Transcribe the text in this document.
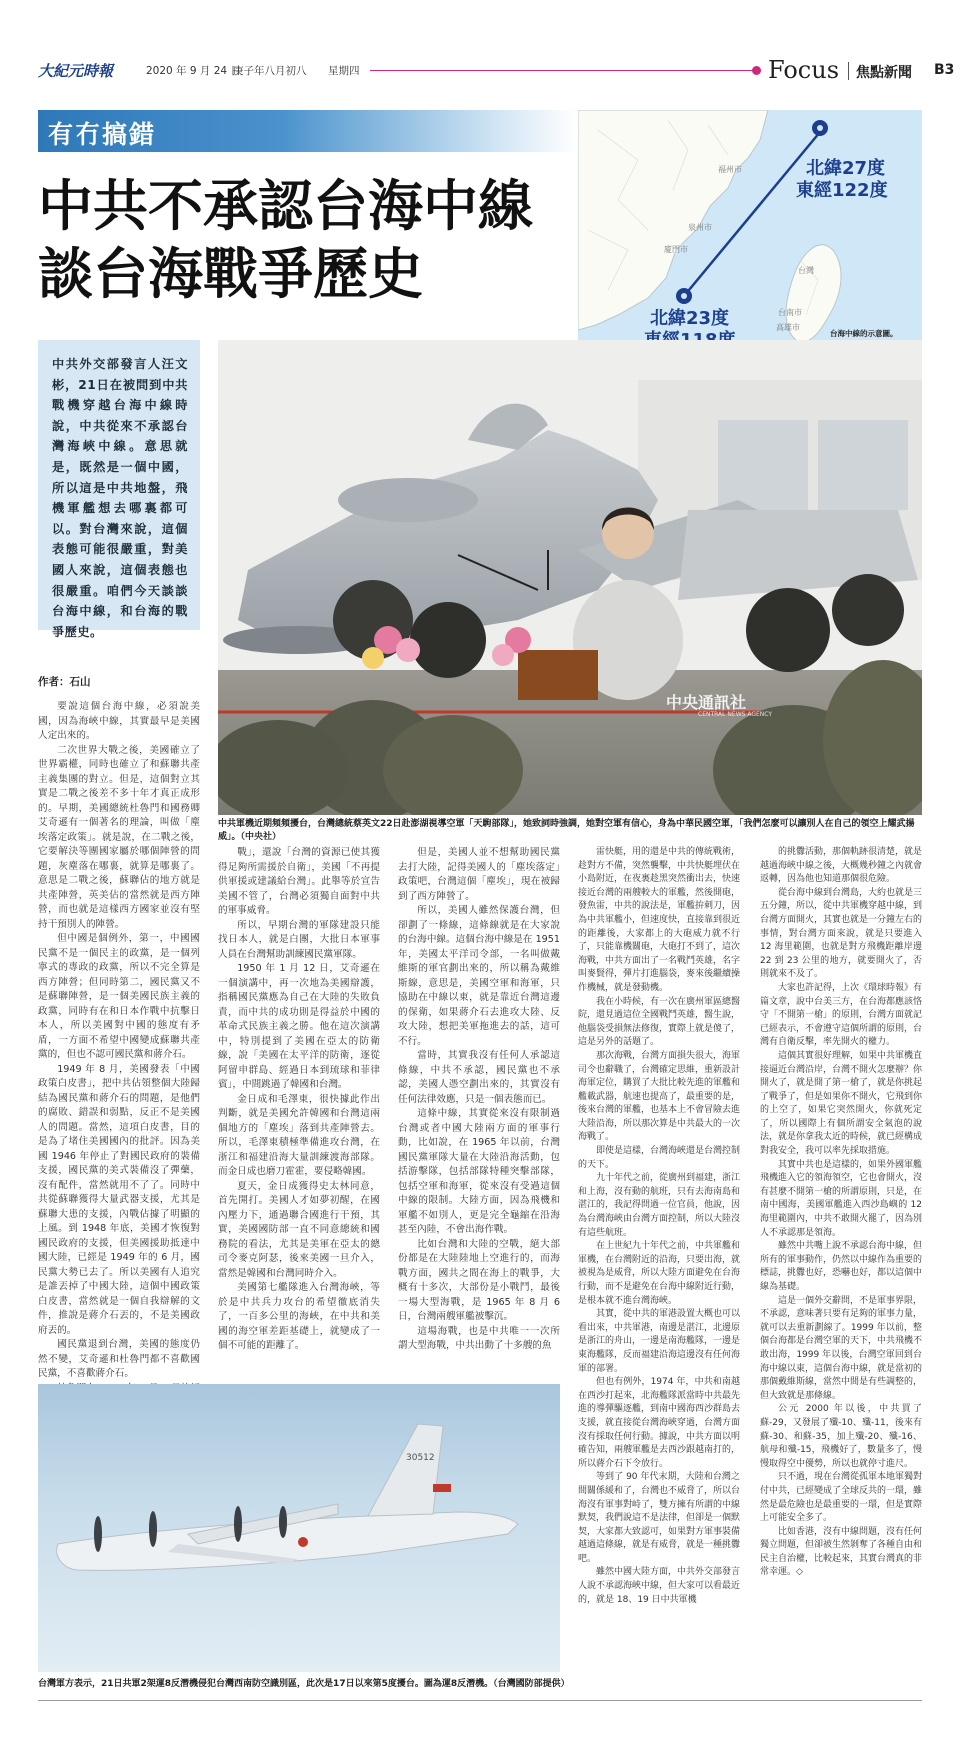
大紀元時報	2020 年 9 月 24 日
庚子年八月初八 星期四	Focus 焦點新聞 B3
有冇搞錯
中共不承認台海中線
談台海戰爭歷史
福州市
泉州市
廈門市
台灣
台南市
高雄市
北緯27度
東經122度
北緯23度
台海中線的示意圖。
中共外交部發言人汪文彬，21日在被問到中共戰機穿越台海中線時說，中共從來不承認台灣海峽中線。意思就是，既然是一個中國，所以這是中共地盤，飛機軍艦想去哪裏都可以。對台灣來說，這個表態可能很嚴重，對美國人來說，這個表態也很嚴重。咱們今天談談台海中線，和台海的戰爭歷史。
中央通訊社
CENTRAL NEWS AGENCY
中共軍機近期頻頻擾台，台灣總統蔡英文22日赴澎湖視導空軍「天駒部隊」，她致詞時強調，她對空軍有信心，身為中華民國空軍，「我們怎麼可以讓別人在自己的領空上耀武揚威」。（中央社）
作者：石山

要說這個台海中線，必須說美國，因為海峽中線，其實最早是美國人定出來的。

二次世界大戰之後，美國確立了世界霸權，同時也確立了和蘇聯共產主義集團的對立。但是，這個對立其實是二戰之後差不多十年才真正成形的。早期，美國總統杜魯門和國務卿艾奇遜有一個著名的理論，叫做「塵埃落定政策」。就是說，在二戰之後，它要解決等團國家屬於哪個陣營的問題，灰塵落在哪裏，就算是哪裏了。意思是二戰之後，蘇聯佔的地方就是共產陣營，英美佔的當然就是西方陣營，而也就是這樣西方國家並沒有堅持干預別人的陣營。

但中國是個例外，第一，中國國民黨不是一個民主的政黨，是一個列寧式的專政的政黨，所以不完全算是西方陣營；但同時第二，國民黨又不是蘇聯陣營，是一個美國民族主義的政黨，同時有在和日本作戰中抗擊日本人，所以美國對中國的態度有矛盾，一方面不希望中國變成蘇聯共產黨的，但也不認可國民黨和蔣介石。

1949 年 8 月，美國發表「中國政策白皮書」，把中共佔領整個大陸歸結為國民黨和蔣介石的問題，是他們的腐敗、錯誤和弱點，反正不是美國人的問題。當然，這項白皮書，目的是為了堵住美國國內的批評。因為美國 1946 年停止了對國民政府的裝備支援，國民黨的美式裝備沒了彈藥，沒有配件，當然就用不了了。同時中共從蘇聯獲得大量武器支援，尤其是蘇聯大患的支援，內戰佔據了明顯的上風。到 1948 年底，美國才恢復對國民政府的支援，但美國援助抵達中國大陸，已經是 1949 年的 6 月，國民黨大勢已去了。所以美國有人追究是誰丟掉了中國大陸，這個中國政策白皮書，當然就是一個自我辯解的文件，推說是蔣介石丟的，不是美國政府丟的。

國民黨退到台灣，美國的態度仍然不變，艾奇遜和杜魯門都不喜歡國民黨，不喜歡蔣介石。

戰」，還說「台灣的資源已使其獲得足夠所需援於自衛」，美國「不再提供軍援或建議給台灣」。此舉等於宣告美國不管了，台灣必須獨自面對中共的軍事威脅。

所以，早期台灣的軍隊建設只能找日本人，就是白團，大批日本軍事人員在台灣幫助訓練國民黨軍隊。

1950 年 1 月 12 日，艾奇遜在一個演講中，再一次地為美國辯護，指稱國民黨應為自己在大陸的失敗負責，而中共的成功則是得益於中國的革命式民族主義之勝。他在這次演講中，特別提到了美國在亞太的防衛線，說「美國在太平洋的防衛，逐從阿留申群島、經過日本到琉球和菲律賓」，中間跳過了韓國和台灣。

金日成和毛澤東，很快據此作出判斷，就是美國允許韓國和台灣這兩個地方的「塵埃」落到共產陣營去。所以，毛澤東積極準備進攻台灣，在浙江和福建沿海大量訓練渡海部隊。而金日成也磨刀霍霍，要侵略韓國。

夏天，金日成獲得史太林同意，首先開打。美國人才如夢初醒，在國內壓力下，通過聯合國進行干預，其實，美國國防部一直不同意總統和國務院的看法，尤其是美軍在亞太的總司令麥克阿瑟，後來美國一旦介入，當然是韓國和台灣同時介入。

美國第七艦隊進入台灣海峽，等於是中共兵力攻台的希望徹底消失了，一百多公里的海峽，在中共和美國的海空軍差距基礎上，就變成了一個不可能的距離了。

但是，美國人並不想幫助國民黨去打大陸，記得美國人的「塵埃落定」政策吧，台灣這個「塵埃」，現在被歸到了西方陣營了。

所以，美國人雖然保護台灣，但卻劃了一條線，這條線就是在大家說的台海中線。這個台海中線是在 1951 年，美國太平洋司令部，一名叫做戴維斯的軍官劃出來的，所以稱為戴維斯線，意思是，美國空軍和海軍，只協助在中線以東，就是靠近台灣這邊的保衛，如果蔣介石去進攻大陸、反攻大陸，想把美軍拖進去的話，這可不行。

當時，其實我沒有任何人承認這條線，中共不承認，國民黨也不承認，美國人憑空劃出來的，其實沒有任何法律效應，只是一個表態而已。

這條中線，其實從來沒有限制過台灣或者中國大陸兩方面的軍事行動，比如說，在 1965 年以前，台灣國民黨軍隊大量在大陸沿海活動，包括游擊隊，包括部隊特種突擊部隊，包括空軍和海軍，從來沒有受過這個中線的限制。大陸方面，因為飛機和軍艦不如別人，更是完全龜縮在沿海甚至內陸，不會出海作戰。

比如台灣和大陸的空戰，絕大部份都是在大陸陸地上空進行的，而海戰方面，國共之間在海上的戰爭，大概有十多次，大部份是小戰鬥，最後一場大型海戰，是 1965 年 8 月 6 日，台灣兩艘軍艦被擊沉。

這場海戰，也是中共唯一一次所謂大型海戰，中共出動了十多艘的魚

雷快艇，用的還是中共的傳統戰術，趁對方不備，突然襲擊，中共快艇埋伏在小島附近，在夜裏趁黑突然衝出去，快速接近台灣的兩艘較大的軍艦，然後開砲，發魚雷，中共的說法是，軍艦拚刺刀，因為中共軍艦小，但速度快，直接靠到很近的距離後，大家都上的大砲威力就不行了，只能靠機關砲，大砲打不到了，這次海戰，中共方面出了一名戰鬥英雄，名字叫麥賢得，彈片打進腦袋，麥來後繼續操作機械，就是發動機。

我在小時候，有一次在廣州軍區總醫院，還見過這位全國戰鬥英雄，醫生說，他腦袋受損無法修復，實際上就是傻了，這是另外的話題了。

那次海戰，台灣方面損失很大，海軍司令也辭職了，台灣確定思維，重新設計海軍定位，購買了大批比較先進的軍艦和艦載武器，航速也提高了，最重要的是，後來台灣的軍艦，也基本上不會冒險去進大陸沿海，所以那次算是中共最大的一次海戰了。

即使是這樣，台灣海峽還是台灣控制的天下。

九十年代之前，從廣州到福建，浙江和上海，沒有動的航班，只有去海南島和湛江的，我記得問過一位官員，他說，因為台灣海峽由台灣方面控制，所以大陸沒有這些航班。

在上世紀九十年代之前，中共軍艦和軍機，在台灣附近的沿海，只要出海，就被視為是威脅，所以大陸方面避免在台海行動，而不是避免在台海中線附近行動，是根本就不進台灣海峽。

其實，從中共的軍港設置大概也可以看出來，中共軍港，南邊是湛江，北邊原是浙江的舟山，一邊是南海艦隊，一邊是東海艦隊，反而福建沿海這邊沒有任何海軍的部署。

但也有例外，1974 年，中共和南越在西沙打起來，北海艦隊派當時中共最先進的導彈驅逐艦，到南中國海西沙群島去支援，就直接從台灣海峽穿過，台灣方面沒有採取任何行動。據說，中共方面以明確告知，兩艘軍艦是去西沙跟越南打的，所以蔣介石下令放行。

等到了 90 年代末期，大陸和台灣之間關係緩和了，台灣也不威脅了，所以台海沒有軍事對峙了，雙方擁有所謂的中線默契，我們說這不是法律，但卻是一個默契，大家都大致認可，如果對方軍事裝備越過這條線，就是有威脅，就是一種挑釁吧。

雖然中國大陸方面，中共外交部發言人說不承認海峽中線，但大家可以看最近的，就是 18、19 日中共軍機

的挑釁活動，那個軌跡很清楚，就是越過海峽中線之後，大概幾秒鐘之內就會返轉，因為他也知道那個很危險。

從台海中線到台灣島，大約也就是三五分鐘，所以，從中共軍機穿越中線，到台灣方面開火，其實也就是一分鐘左右的事情，對台灣方面來說，就是只要進入 12 海里範圍，也就是對方飛機距離岸邊 22 到 23 公里的地方，就要開火了，否則就來不及了。

大家也許記得，上次《環球時報》有篇文章，說中台美三方，在台海都應該恪守「不開第一槍」的原則，台灣方面就記已經表示，不會遵守這個所謂的原則，台灣有自衛反擊，率先開火的權力。

這個其實很好理解，如果中共軍機直接逼近台灣沿岸，台灣不開火怎麼辦？你開火了，就是開了第一槍了，就是你挑起了戰爭了，但是如果你不開火，它飛到你的上空了，如果它突然開火，你就死定了，所以國際上有個所謂安全氣泡的說法，就是你拿我太近的時候，就已經構成對我安全，我可以率先採取措施。

其實中共也是這樣的，如果外國軍艦飛機進入它的領海領空，它也會開火，沒有甚麼不開第一槍的所謂原則，只是，在南中國海，美國軍艦進入西沙島嶼的 12 海里範圍內，中共不敢開火罷了，因為別人不承認那是領海。

雖然中共嘴上說不承認台海中線，但所有的軍事動作，仍然以中線作為重要的標誌，挑釁也好，恐嚇也好，都以這個中線為基礎。

這是一個外交辭問，不是軍事界限，不承認，意味著只要有足夠的軍事力量，就可以去重新劃線了。1999 年以前，整個台海都是台灣空軍的天下，中共飛機不敢出海，1999 年以後，台灣空軍回到台海中線以東，這個台海中線，就是當初的那個戴維斯線，當然中間是有些調整的，但大致就是那條線。

公元 2000 年以後，中共買了蘇-29，又發展了殲-10、殲-11，後來有蘇-30、和蘇-35，加上殲-20、殲-16、航母和殲-15，飛機好了，數量多了，慢慢取得空中優勢，所以也就停寸進尺。

只不過，現在台灣從孤軍本地軍獨對付中共，已經變成了全球反共的一環，雖然是最危險也是最重要的一環，但是實際上可能安全多了。

比如香港，沒有中線問題，沒有任何獨立問題，但卻被生然剝奪了各種自由和民主自治權，比較起來，其實台灣真的非常幸運。◇

30512
台灣軍方表示，21日共軍2架運8反潛機侵犯台灣西南防空識別區，此次是17日以來第5度擾台。圖為運8反潛機。（台灣國防部提供）
